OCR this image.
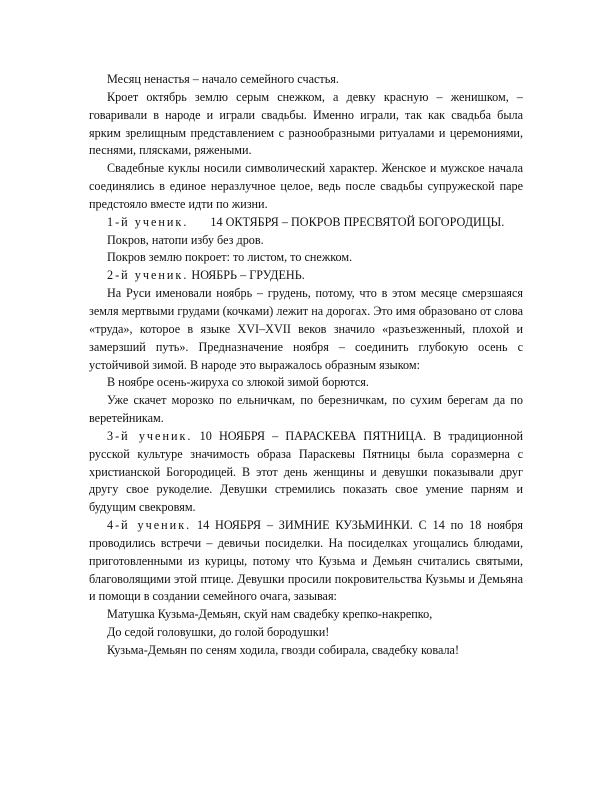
Месяц ненастья – начало семейного счастья.

Кроет октябрь землю серым снежком, а девку красную – женишком, – говаривали в народе и играли свадьбы. Именно играли, так как свадьба была ярким зрелищным представлением с разнообразными ритуалами и церемониями, песнями, плясками, ряжеными.

Свадебные куклы носили символический характер. Женское и мужское начала соединялись в единое неразлучное целое, ведь после свадьбы супружеской паре предстояло вместе идти по жизни.

1-й ученик. 14 ОКТЯБРЯ – ПОКРОВ ПРЕСВЯТОЙ БОГОРОДИЦЫ.

Покров, натопи избу без дров.

Покров землю покроет: то листом, то снежком.

2-й ученик. НОЯБРЬ – ГРУДЕНЬ.

На Руси именовали ноябрь – грудень, потому, что в этом месяце смерзшаяся земля мертвыми грудами (кочками) лежит на дорогах. Это имя образовано от слова «труда», которое в языке XVI–XVII веков значило «разъезженный, плохой и замерзший путь». Предназначение ноября – соединить глубокую осень с устойчивой зимой. В народе это выражалось образным языком:

В ноябре осень-жируха со злюкой зимой борются.

Уже скачет морозко по ельничкам, по березничкам, по сухим берегам да по веретейникам.

3-й ученик. 10 НОЯБРЯ – ПАРАСКЕВА ПЯТНИЦА. В традиционной русской культуре значимость образа Параскевы Пятницы была соразмерна с христианской Богородицей. В этот день женщины и девушки показывали друг другу свое рукоделие. Девушки стремились показать свое умение парням и будущим свекровям.

4-й ученик. 14 НОЯБРЯ – ЗИМНИЕ КУЗЬМИНКИ. С 14 по 18 ноября проводились встречи – девичьи посиделки. На посиделках угощались блюдами, приготовленными из курицы, потому что Кузьма и Демьян считались святыми, благоволящими этой птице. Девушки просили покровительства Кузьмы и Демьяна и помощи в создании семейного очага, зазывая:

Матушка Кузьма-Демьян, скуй нам свадебку крепко-накрепко,

До седой головушки, до голой бородушки!

Кузьма-Демьян по сеням ходила, гвозди собирала, свадебку ковала!
